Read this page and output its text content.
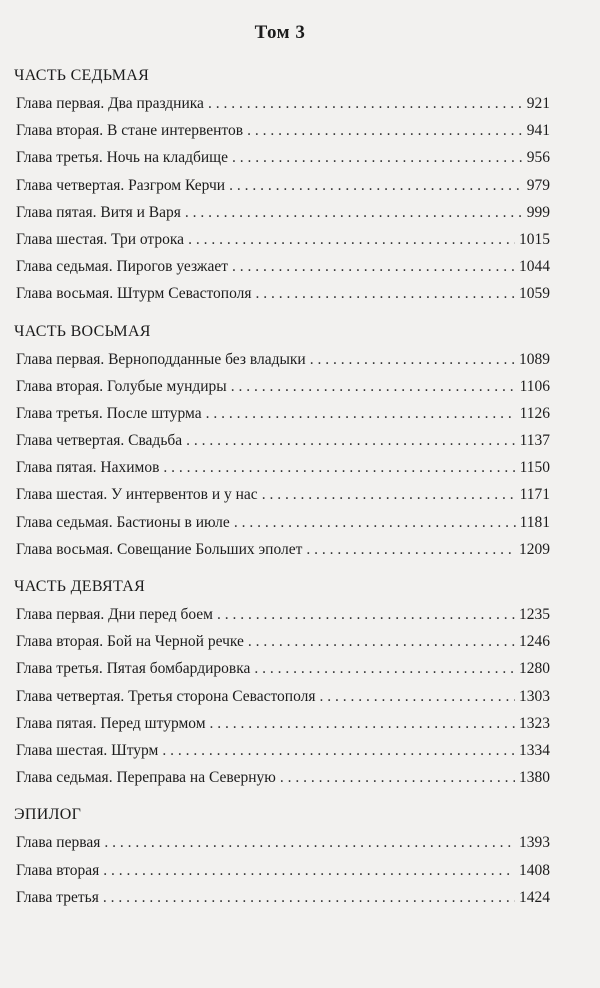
Том 3
ЧАСТЬ СЕДЬМАЯ
Глава первая. Два праздника . . .	921
Глава вторая. В стане интервентов . . .	941
Глава третья. Ночь на кладбище . . .	956
Глава четвертая. Разгром Керчи . . .	979
Глава пятая. Витя и Варя . . .	999
Глава шестая. Три отрока . . .	1015
Глава седьмая. Пирогов уезжает . . .	1044
Глава восьмая. Штурм Севастополя . . .	1059
ЧАСТЬ ВОСЬМАЯ
Глава первая. Верноподданные без владыки . . .	1089
Глава вторая. Голубые мундиры . . .	1106
Глава третья. После штурма . . .	1126
Глава четвертая. Свадьба . . .	1137
Глава пятая. Нахимов . . .	1150
Глава шестая. У интервентов и у нас . . .	1171
Глава седьмая. Бастионы в июле . . .	1181
Глава восьмая. Совещание Больших эполет . . .	1209
ЧАСТЬ ДЕВЯТАЯ
Глава первая. Дни перед боем . . .	1235
Глава вторая. Бой на Черной речке . . .	1246
Глава третья. Пятая бомбардировка . . .	1280
Глава четвертая. Третья сторона Севастополя . . .	1303
Глава пятая. Перед штурмом . . .	1323
Глава шестая. Штурм . . .	1334
Глава седьмая. Переправа на Северную . . .	1380
ЭПИЛОГ
Глава первая . . .	1393
Глава вторая . . .	1408
Глава третья . . .	1424
